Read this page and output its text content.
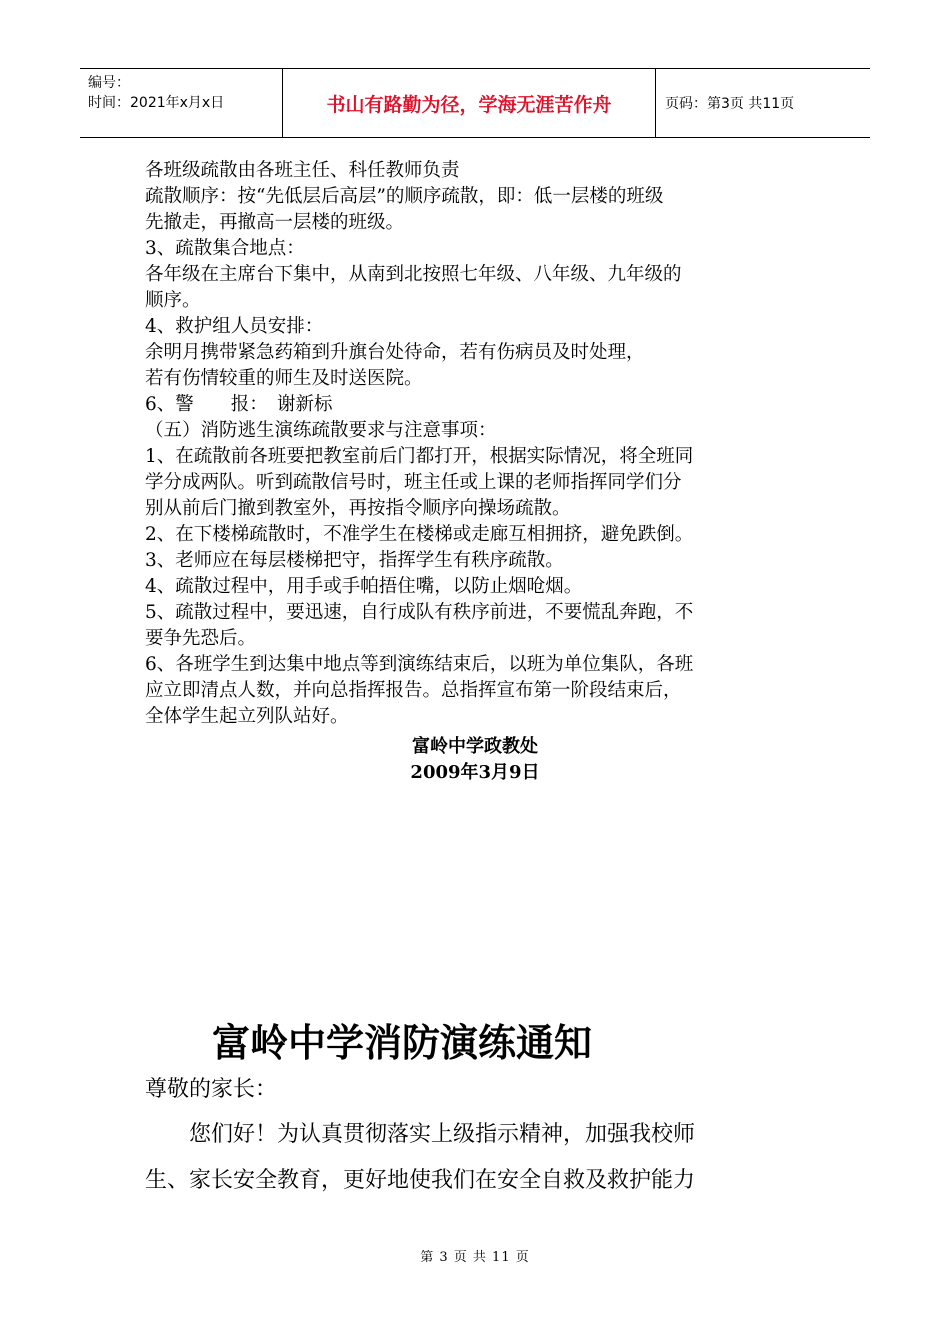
编号：
时间：2021年x月x日	书山有路勤为径，学海无涯苦作舟	页码：第3页 共11页

各班级疏散由各班主任、科任教师负责

疏散顺序：按“先低层后高层”的顺序疏散，即：低一层楼的班级

先撤走，再撤高一层楼的班级。

3、疏散集合地点：

各年级在主席台下集中，从南到北按照七年级、八年级、九年级的

顺序。

4、救护组人员安排：

余明月携带紧急药箱到升旗台处待命，若有伤病员及时处理，

若有伤情较重的师生及时送医院。

6、警　　报：　谢新标

（五）消防逃生演练疏散要求与注意事项：

1、在疏散前各班要把教室前后门都打开，根据实际情况，将全班同

学分成两队。听到疏散信号时，班主任或上课的老师指挥同学们分

别从前后门撤到教室外，再按指令顺序向操场疏散。

2、在下楼梯疏散时，不准学生在楼梯或走廊互相拥挤，避免跌倒。

3、老师应在每层楼梯把守，指挥学生有秩序疏散。

4、疏散过程中，用手或手帕捂住嘴，以防止烟呛烟。

5、疏散过程中，要迅速，自行成队有秩序前进，不要慌乱奔跑，不

要争先恐后。

6、各班学生到达集中地点等到演练结束后，以班为单位集队，各班

应立即清点人数，并向总指挥报告。总指挥宣布第一阶段结束后，

全体学生起立列队站好。

富岭中学政教处
2009年3月9日
富岭中学消防演练通知
尊敬的家长：

　　您们好！为认真贯彻落实上级指示精神，加强我校师

生、家长安全教育，更好地使我们在安全自救及救护能力

第 3 页 共 11 页
